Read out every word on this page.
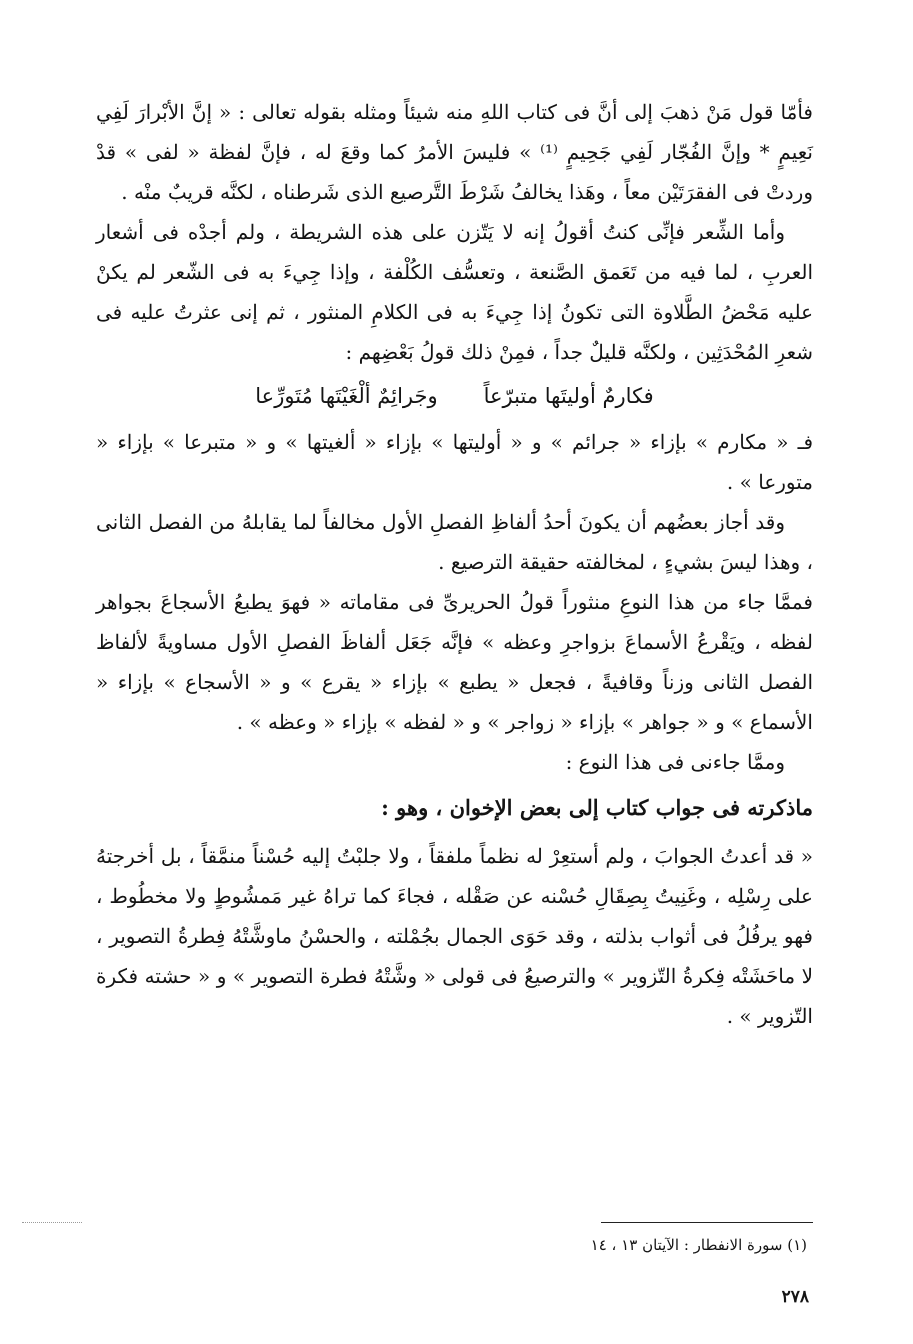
فأمّا قول مَنْ ذهبَ إلى أنَّ فى كتاب اللهِ منه شيئاً ومثله بقوله تعالى : « إنَّ الأبْرارَ لَفِي نَعِيمٍ * وإنَّ الفُجّار لَفِي جَحِيمٍ ⁽¹⁾ » فليسَ الأمرُ كما وقعَ له ، فإنَّ لفظة « لفى » قدْ وردتْ فى الفقرَتَيْن معاً ، وهَذا يخالفُ شَرْطَ التَّرصيع الذى شَرطناه ، لكنَّه قريبٌ منْه .

وأما الشِّعر فإنِّى كنتُ أقولُ إنه لا يَتّزن على هذه الشريطة ، ولم أجدْه فى أشعار العربِ ، لما فيه من تَعَمق الصَّنعة ، وتعسُّف الكُلْفة ، وإذا جِيءَ به فى الشّعر لم يكنْ عليه مَحْضُ الطَّلاوة التى تكونُ إذا جِيءَ به فى الكلامِ المنثور ، ثم إنى عثرتُ عليه فى شعرِ المُحْدَثِين ، ولكنَّه قليلٌ جداً ، فمِنْ ذلك قولُ بَعْضِهم :

فكارمٌ أوليتَها متبرّعاً
وجَرائِمٌ ألْغَيْتَها مُتَورِّعا

فـ « مكارم » بإزاء « جرائم » و « أوليتها » بإزاء « ألغيتها » و « متبرعا » بإزاء « متورعا » .

وقد أجاز بعضُهم أن يكونَ أحدُ ألفاظِ الفصلِ الأول مخالفاً لما يقابلهُ من الفصل الثانى ، وهذا ليسَ بشيءٍ ، لمخالفته حقيقة الترصيع .

فممَّا جاء من هذا النوعِ منثوراً قولُ الحريرىِّ فى مقاماته « فهوَ يطبعُ الأسجاعَ بجواهر لفظه ، ويَقْرعُ الأسماعَ بزواجرِ وعظه » فإنَّه جَعَل ألفاظَ الفصلِ الأول مساويةً لألفاظ الفصل الثانى وزناً وقافيةً ، فجعل « يطبع » بإزاء « يقرع » و « الأسجاع » بإزاء « الأسماع » و « جواهر » بإزاء « زواجر » و « لفظه » بإزاء « وعظه » .

وممَّا جاءنى فى هذا النوع :

ماذكرته فى جواب كتاب إلى بعض الإخوان ، وهو :

« قد أعدتُ الجوابَ ، ولم أستعِرْ له نظماً ملفقاً ، ولا جلبْتُ إليه حُسْناً منمَّقاً ، بل أخرجتهُ على رِسْلِه ، وغَنِيتُ بِصِقَالِ حُسْنه عن صَقْله ، فجاءَ كما تراهُ غير مَمشُوطٍ ولا مخطُوط ، فهو يرفُلُ فى أثواب بذلته ، وقد حَوَى الجمال بجُمْلته ، والحسْنُ ماوشَّتْهُ فِطرةُ التصوير ، لا ماحَشَتْه فِكرةُ التّزوير » والترصيعُ فى قولى « وشَّتْهُ فطرة التصوير » و « حشته فكرة التّزوير » .

(١) سورة الانفطار : الآيتان ١٣ ، ١٤
٢٧٨
